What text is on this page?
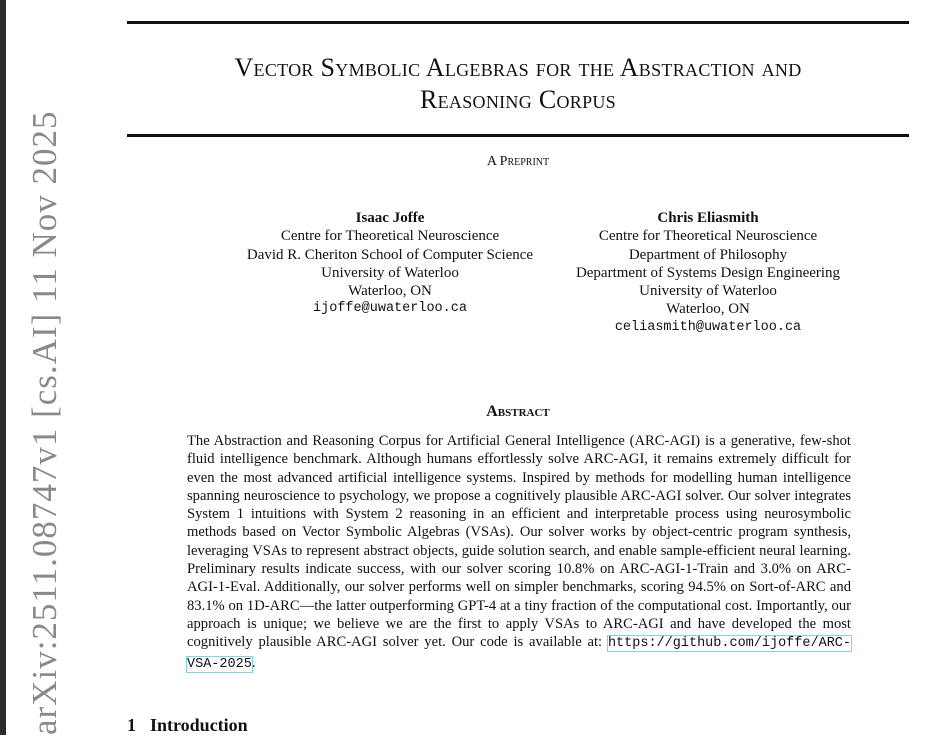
arXiv:2511.08747v1 [cs.AI] 11 Nov 2025
Vector Symbolic Algebras for the Abstraction and
Reasoning Corpus
A Preprint
Isaac Joffe
Centre for Theoretical Neuroscience
David R. Cheriton School of Computer Science
University of Waterloo
Waterloo, ON
ijoffe@uwaterloo.ca
Chris Eliasmith
Centre for Theoretical Neuroscience
Department of Philosophy
Department of Systems Design Engineering
University of Waterloo
Waterloo, ON
celiasmith@uwaterloo.ca
Abstract
The Abstraction and Reasoning Corpus for Artificial General Intelligence (ARC-AGI) is a generative, few-shot fluid intelligence benchmark. Although humans effortlessly solve ARC-AGI, it remains extremely difficult for even the most advanced artificial intelligence systems. Inspired by methods for modelling human intelligence spanning neuroscience to psychology, we propose a cognitively plausible ARC-AGI solver. Our solver integrates System 1 intuitions with System 2 reasoning in an efficient and interpretable process using neurosymbolic methods based on Vector Symbolic Algebras (VSAs). Our solver works by object-centric program synthesis, leveraging VSAs to represent abstract objects, guide solution search, and enable sample-efficient neural learning. Preliminary results indicate success, with our solver scoring 10.8% on ARC-AGI-1-Train and 3.0% on ARC-AGI-1-Eval. Additionally, our solver performs well on simpler benchmarks, scoring 94.5% on Sort-of-ARC and 83.1% on 1D-ARC—the latter outperforming GPT-4 at a tiny fraction of the computational cost. Importantly, our approach is unique; we believe we are the first to apply VSAs to ARC-AGI and have developed the most cognitively plausible ARC-AGI solver yet. Our code is available at: https://github.com/ijoffe/ARC-VSA-2025.
1 Introduction
